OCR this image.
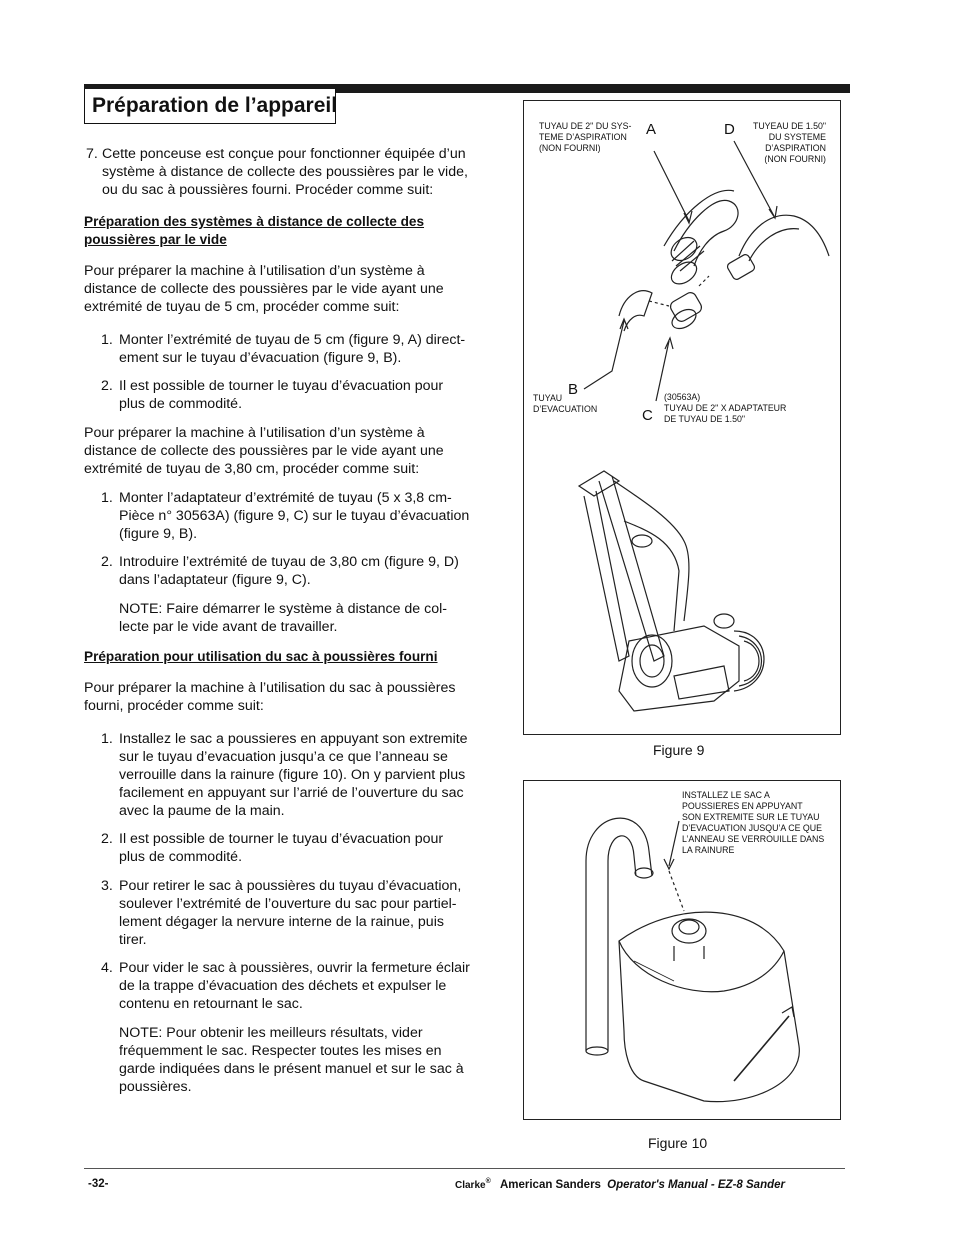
Préparation de l’appareil
7. Cette ponceuse est conçue pour fonctionner équipée d’un
système à distance de collecte des poussières par le vide,
ou du sac à poussières fourni. Procéder comme suit:
Préparation des systèmes à distance de collecte des
poussières par le vide
Pour préparer la machine à l’utilisation d’un système à
distance de collecte des poussières par le vide ayant une
extrémité de tuyau de 5 cm, procéder comme suit:
1. Monter l’extrémité de tuyau de 5 cm (figure 9, A) direct-
ement sur le tuyau d’évacuation (figure 9, B).
2. Il est possible de tourner le tuyau d’évacuation pour
plus de commodité.
Pour préparer la machine à l’utilisation d’un système à
distance de collecte des poussières par le vide ayant une
extrémité de tuyau de 3,80 cm, procéder comme suit:
1. Monter l’adaptateur d’extrémité de tuyau (5 x 3,8 cm-
Pièce n° 30563A) (figure 9, C) sur le tuyau d’évacuation
(figure 9, B).
2. Introduire l’extrémité de tuyau de 3,80 cm (figure 9, D)
dans l’adaptateur (figure 9, C).
NOTE: Faire démarrer le système à distance de col-
lecte par le vide avant de travailler.
Préparation pour utilisation du sac à poussières fourni
Pour préparer la machine à l’utilisation du sac à poussières
fourni, procéder comme suit:
1. Installez le sac a poussieres en appuyant son extremite
sur le tuyau d’evacuation jusqu’a ce que l’anneau se
verrouille dans la rainure (figure 10). On y parvient plus
facilement en appuyant sur l’arrié de l’ouverture du sac
avec la paume de la main.
2. Il est possible de tourner le tuyau d’évacuation pour
plus de commodité.
3. Pour retirer le sac à poussières du tuyau d’évacuation,
soulever l’extrémité de l’ouverture du sac pour partiel-
lement dégager la nervure interne de la rainue, puis
tirer.
4. Pour vider le sac à poussières, ouvrir la fermeture éclair
de la trappe d’évacuation des déchets et expulser le
contenu en retournant le sac.
NOTE: Pour obtenir les meilleurs résultats, vider
fréquemment le sac. Respecter toutes les mises en
garde indiquées dans le présent manuel et sur le sac à
poussières.
TUYAU DE 2" DU SYS-
TEME D’ASPIRATION
(NON FOURNI)
A	D	TUYEAU DE 1.50"
DU SYSTEME
D’ASPIRATION
(NON FOURNI)
TUYAU
D’EVACUATION
B
C
(30563A)
TUYAU DE 2" X ADAPTATEUR
DE TUYAU DE 1.50"
Figure 9
INSTALLEZ LE SAC A
POUSSIERES EN APPUYANT
SON EXTREMITE SUR LE TUYAU
D’EVACUATION JUSQU’A CE QUE
L’ANNEAU SE VERROUILLE DANS
LA RAINURE
Figure 10
-32-	Clarke® American Sanders Operator's Manual - EZ-8 Sander
